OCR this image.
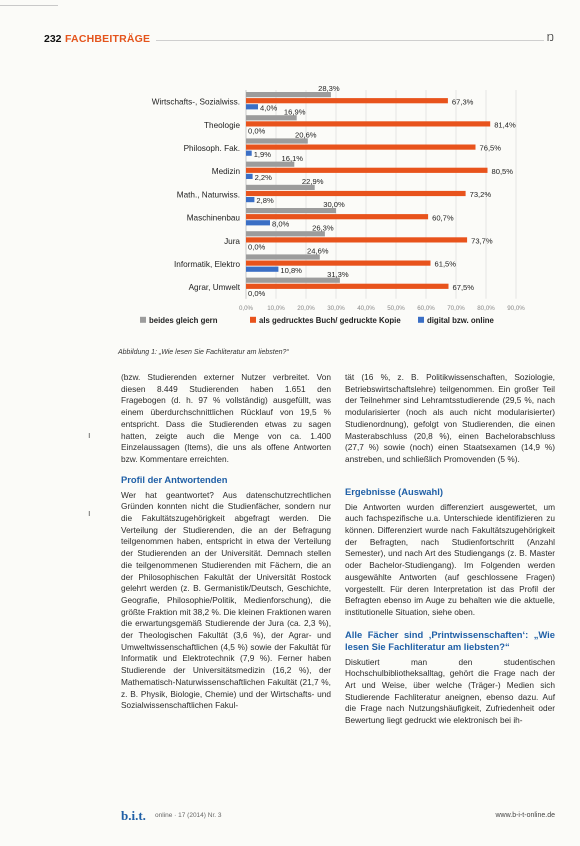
232 FACHBEITRÄGE	Ŋ
0,0% 10,0% 20,0% 30,0% 40,0% 50,0% 60,0% 70,0% 80,0% 90,0%
Wirtschafts-, Sozialwiss.
28,3%
67,3%
4,0%
Theologie
16,9%
81,4%
0,0%
Philosoph. Fak.
20,6%
76,5%
1,9%
Medizin
16,1%
80,5%
2,2%
Math., Naturwiss.
22,9%
73,2%
2,8%
Maschinenbau
30,0%
60,7%
8,0%
Jura
26,3%
73,7%
0,0%
Informatik, Elektro
24,6%
61,5%
10,8%
Agrar, Umwelt
31,3%
67,5%
0,0%
beides gleich gern	als gedrucktes Buch/ gedruckte Kopie	digital bzw. online
Abbildung 1: „Wie lesen Sie Fachliteratur am liebsten?“

(bzw. Studierenden externer Nutzer verbreitet. Von diesen 8.449 Studierenden haben 1.651 den Fragebogen (d. h. 97 % vollständig) ausgefüllt, was einem überdurchschnittlichen Rücklauf von 19,5 % entspricht. Dass die Studierenden etwas zu sagen hatten, zeigte auch die Menge von ca. 1.400 Einzelaussagen (Items), die uns als offene Antworten bzw. Kommentare erreichten.

Profil der Antwortenden

Wer hat geantwortet? Aus datenschutzrechtlichen Gründen konnten nicht die Studienfächer, sondern nur die Fakultätszugehörigkeit abgefragt werden. Die Verteilung der Studierenden, die an der Befragung teilgenommen haben, entspricht in etwa der Verteilung der Studierenden an der Universität. Demnach stellen die teilgenommenen Studierenden mit Fächern, die an der Philosophischen Fakultät der Universität Rostock gelehrt werden (z. B. Germanistik/Deutsch, Geschichte, Geografie, Philosophie/Politik, Medienforschung), die größte Fraktion mit 38,2 %. Die kleinen Fraktionen waren die erwartungsgemäß Studierende der Jura (ca. 2,3 %), der Theologischen Fakultät (3,6 %), der Agrar- und Umweltwissenschaftlichen (4,5 %) sowie der Fakultät für Informatik und Elektrotechnik (7,9 %). Ferner haben Studierende der Universitätsmedizin (16,2 %), der Mathematisch-Naturwissenschaftlichen Fakultät (21,7 %, z. B. Physik, Biologie, Chemie) und der Wirtschafts- und Sozialwissenschaftlichen Fakul-

tät (16 %, z. B. Politikwissenschaften, Soziologie, Betriebswirtschaftslehre) teilgenommen. Ein großer Teil der Teilnehmer sind Lehramtsstudierende (29,5 %, nach modularisierter (noch als auch nicht modularisierter) Studienordnung), gefolgt von Studierenden, die einen Masterabschluss (20,8 %), einen Bachelorabschluss (27,7 %) sowie (noch) einen Staatsexamen (14,9 %) anstreben, und schließlich Promovenden (5 %).

Ergebnisse (Auswahl)

Die Antworten wurden differenziert ausgewertet, um auch fachspezifische u.a. Unterschiede identifizieren zu können. Differenziert wurde nach Fakultätszugehörigkeit der Befragten, nach Studienfortschritt (Anzahl Semester), und nach Art des Studiengangs (z. B. Master oder Bachelor-Studiengang). Im Folgenden werden ausgewählte Antworten (auf geschlossene Fragen) vorgestellt. Für deren Interpretation ist das Profil der Befragten ebenso im Auge zu behalten wie die aktuelle, institutionelle Situation, siehe oben.

Alle Fächer sind ‚Printwissenschaften‘: „Wie lesen Sie Fachliteratur am liebsten?“

Diskutiert man den studentischen Hochschulbibliotheksalltag, gehört die Frage nach der Art und Weise, über welche (Träger-) Medien sich Studierende Fachliteratur aneignen, ebenso dazu. Auf die Frage nach Nutzungshäufigkeit, Zufriedenheit oder Bewertung liegt gedruckt wie elektronisch bei ih-

ı
ı
b.i.t. online · 17 (2014) Nr. 3	www.b-i-t-online.de
